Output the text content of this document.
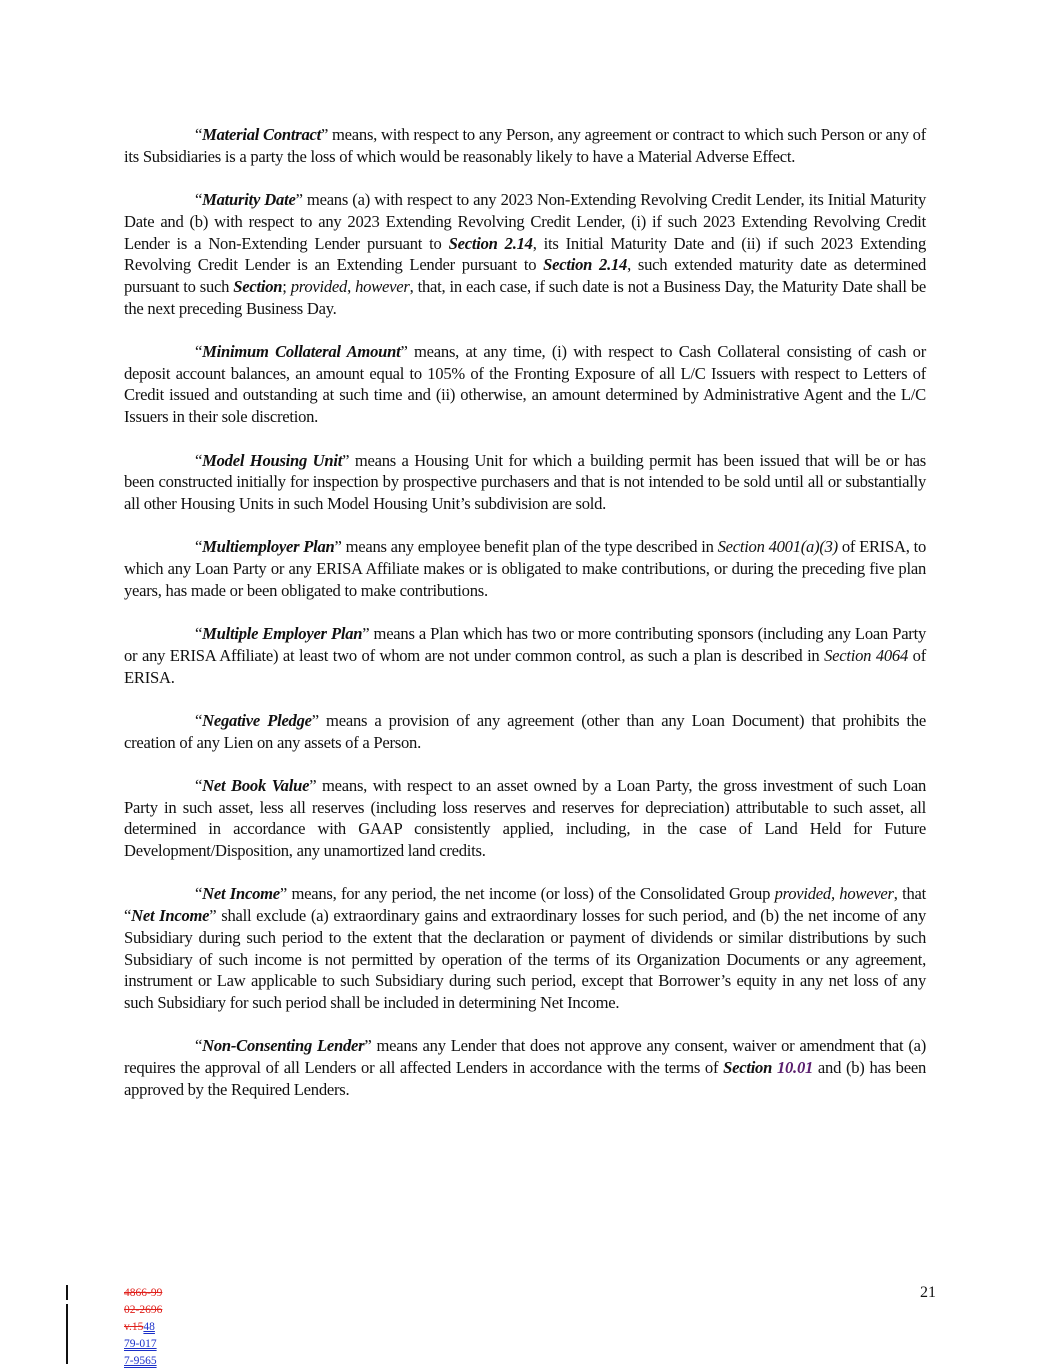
“Material Contract” means, with respect to any Person, any agreement or contract to which such Person or any of its Subsidiaries is a party the loss of which would be reasonably likely to have a Material Adverse Effect.

“Maturity Date” means (a) with respect to any 2023 Non-Extending Revolving Credit Lender, its Initial Maturity Date and (b) with respect to any 2023 Extending Revolving Credit Lender, (i) if such 2023 Extending Revolving Credit Lender is a Non-Extending Lender pursuant to Section 2.14, its Initial Maturity Date and (ii) if such 2023 Extending Revolving Credit Lender is an Extending Lender pursuant to Section 2.14, such extended maturity date as determined pursuant to such Section; provided, however, that, in each case, if such date is not a Business Day, the Maturity Date shall be the next preceding Business Day.

“Minimum Collateral Amount” means, at any time, (i) with respect to Cash Collateral consisting of cash or deposit account balances, an amount equal to 105% of the Fronting Exposure of all L/C Issuers with respect to Letters of Credit issued and outstanding at such time and (ii) otherwise, an amount determined by Administrative Agent and the L/C Issuers in their sole discretion.

“Model Housing Unit” means a Housing Unit for which a building permit has been issued that will be or has been constructed initially for inspection by prospective purchasers and that is not intended to be sold until all or substantially all other Housing Units in such Model Housing Unit’s subdivision are sold.

“Multiemployer Plan” means any employee benefit plan of the type described in Section 4001(a)(3) of ERISA, to which any Loan Party or any ERISA Affiliate makes or is obligated to make contributions, or during the preceding five plan years, has made or been obligated to make contributions.

“Multiple Employer Plan” means a Plan which has two or more contributing sponsors (including any Loan Party or any ERISA Affiliate) at least two of whom are not under common control, as such a plan is described in Section 4064 of ERISA.

“Negative Pledge” means a provision of any agreement (other than any Loan Document) that prohibits the creation of any Lien on any assets of a Person.

“Net Book Value” means, with respect to an asset owned by a Loan Party, the gross investment of such Loan Party in such asset, less all reserves (including loss reserves and reserves for depreciation) attributable to such asset, all determined in accordance with GAAP consistently applied, including, in the case of Land Held for Future Development/Disposition, any unamortized land credits.

“Net Income” means, for any period, the net income (or loss) of the Consolidated Group provided, however, that “Net Income” shall exclude (a) extraordinary gains and extraordinary losses for such period, and (b) the net income of any Subsidiary during such period to the extent that the declaration or payment of dividends or similar distributions by such Subsidiary of such income is not permitted by operation of the terms of its Organization Documents or any agreement, instrument or Law applicable to such Subsidiary during such period, except that Borrower’s equity in any net loss of any such Subsidiary for such period shall be included in determining Net Income.

“Non-Consenting Lender” means any Lender that does not approve any consent, waiver or amendment that (a) requires the approval of all Lenders or all affected Lenders in accordance with the terms of Section 10.01 and (b) has been approved by the Required Lenders.

4866-99
02-2696
v.1548
79-017
7-9565
21
